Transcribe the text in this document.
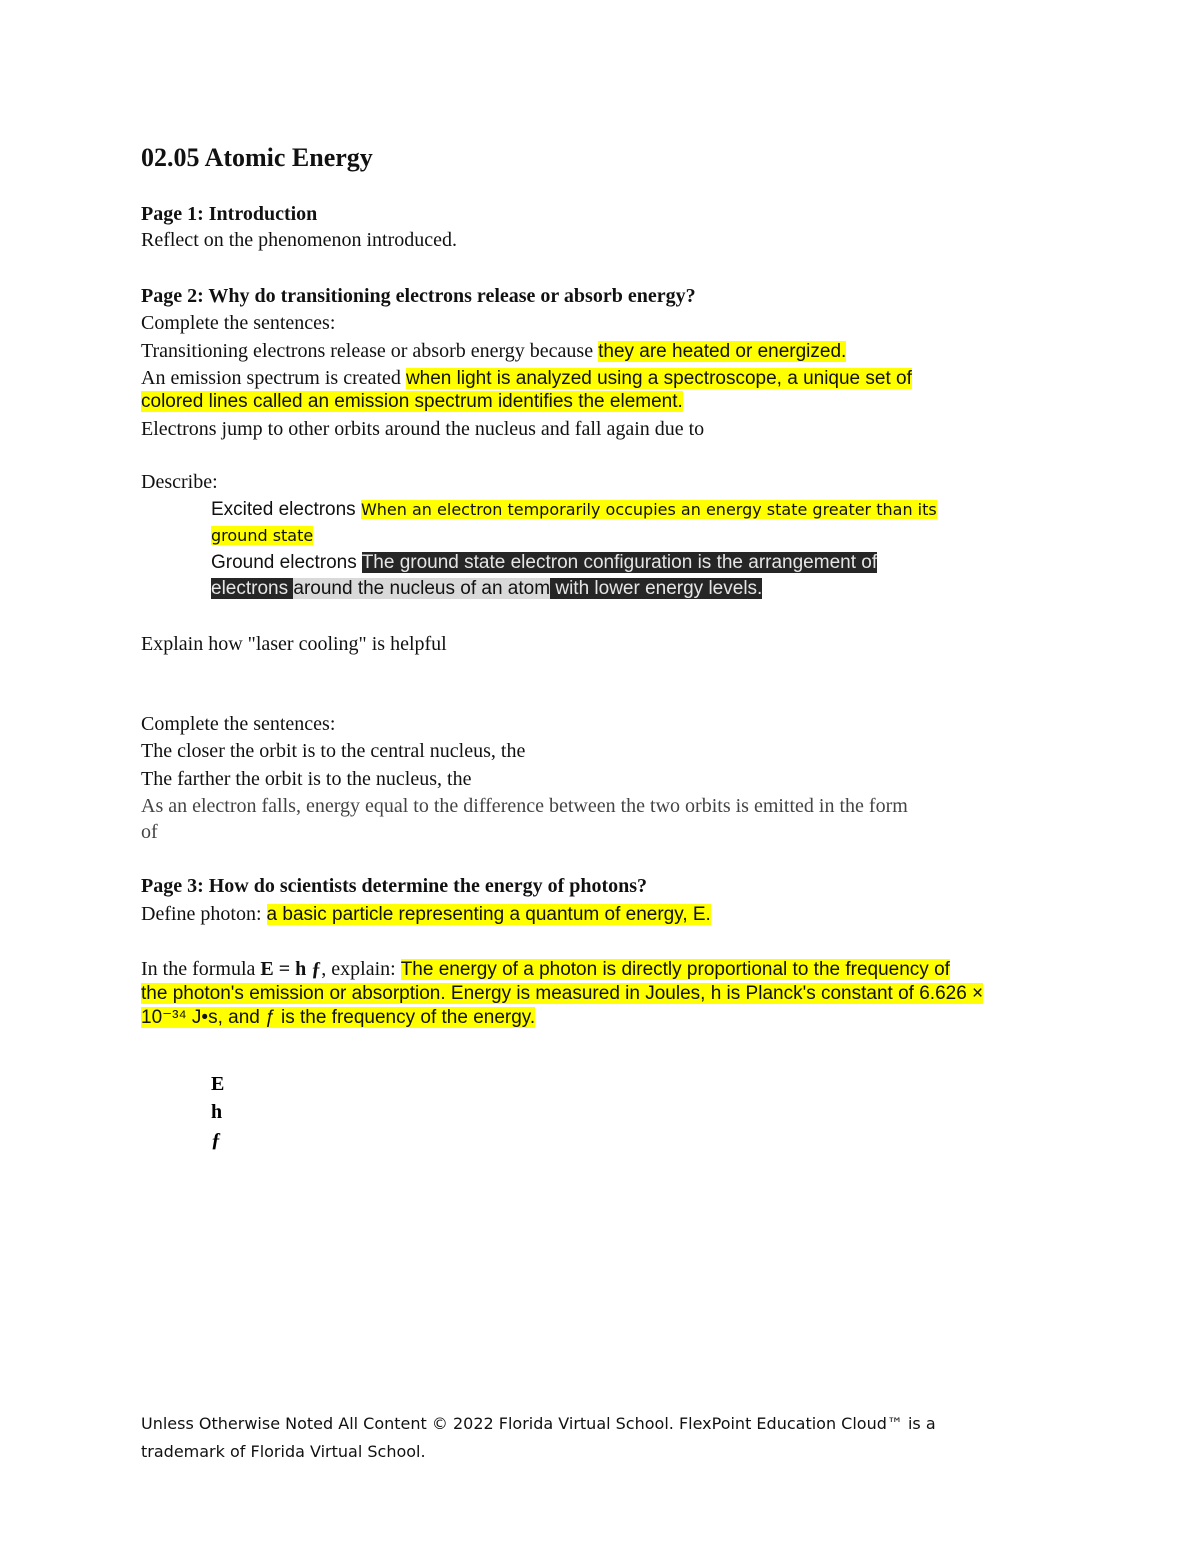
02.05 Atomic Energy
Page 1: Introduction
Reflect on the phenomenon introduced.
Page 2: Why do transitioning electrons release or absorb energy?
Complete the sentences:
Transitioning electrons release or absorb energy because they are heated or energized.
An emission spectrum is created when light is analyzed using a spectroscope, a unique set of
colored lines called an emission spectrum identifies the element.
Electrons jump to other orbits around the nucleus and fall again due to
Describe:
Excited electrons When an electron temporarily occupies an energy state greater than its
ground state
Ground electrons The ground state electron configuration is the arrangement of
electrons around the nucleus of an atom with lower energy levels.
Explain how "laser cooling" is helpful
Complete the sentences:
The closer the orbit is to the central nucleus, the
The farther the orbit is to the nucleus, the
As an electron falls, energy equal to the difference between the two orbits is emitted in the form
of
Page 3: How do scientists determine the energy of photons?
Define photon: a basic particle representing a quantum of energy, E.
In the formula E = h ƒ, explain: The energy of a photon is directly proportional to the frequency of
the photon's emission or absorption. Energy is measured in Joules, h is Planck's constant of 6.626 ×
10⁻³⁴ J•s, and ƒ is the frequency of the energy.
E
h
ƒ
Unless Otherwise Noted All Content © 2022 Florida Virtual School. FlexPoint Education Cloud™ is a
trademark of Florida Virtual School.
